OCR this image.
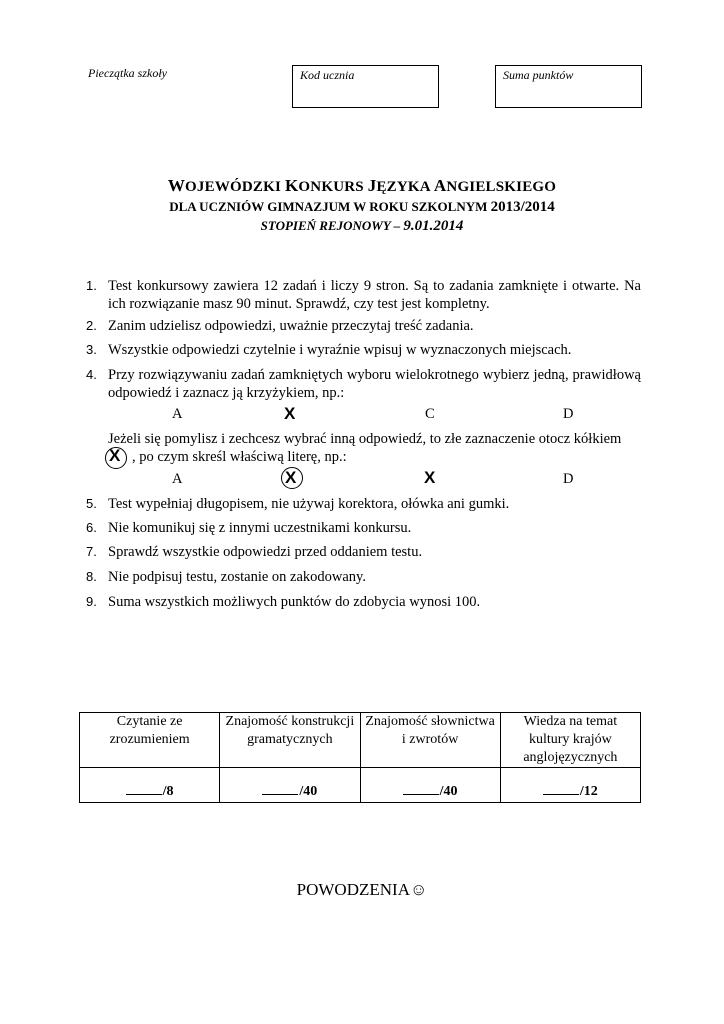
Pieczątka szkoły	Kod ucznia	Suma punktów
WOJEWÓDZKI KONKURS JĘZYKA ANGIELSKIEGO
DLA UCZNIÓW GIMNAZJUM W ROKU SZKOLNYM 2013/2014
STOPIEŃ REJONOWY – 9.01.2014
1. Test konkursowy zawiera 12 zadań i liczy 9 stron. Są to zadania zamknięte i otwarte. Na ich rozwiązanie masz 90 minut. Sprawdź, czy test jest kompletny.
2. Zanim udzielisz odpowiedzi, uważnie przeczytaj treść zadania.
3. Wszystkie odpowiedzi czytelnie i wyraźnie wpisuj w wyznaczonych miejscach.
4. Przy rozwiązywaniu zadań zamkniętych wyboru wielokrotnego wybierz jedną, prawidłową odpowiedź i zaznacz ją krzyżykiem, np.:
A	X	C	D
Jeżeli się pomylisz i zechcesz wybrać inną odpowiedź, to złe zaznaczenie otocz kółkiem
, po czym skreśl właściwą literę, np.:
X
A	X	X	D
5. Test wypełniaj długopisem, nie używaj korektora, ołówka ani gumki.
6. Nie komunikuj się z innymi uczestnikami konkursu.
7. Sprawdź wszystkie odpowiedzi przed oddaniem testu.
8. Nie podpisuj testu, zostanie on zakodowany.
9. Suma wszystkich możliwych punktów do zdobycia wynosi 100.
Czytanie ze zrozumieniem	Znajomość konstrukcji gramatycznych	Znajomość słownictwa i zwrotów	Wiedza na temat kultury krajów anglojęzycznych
/8	/40	/40	/12
POWODZENIA☺
